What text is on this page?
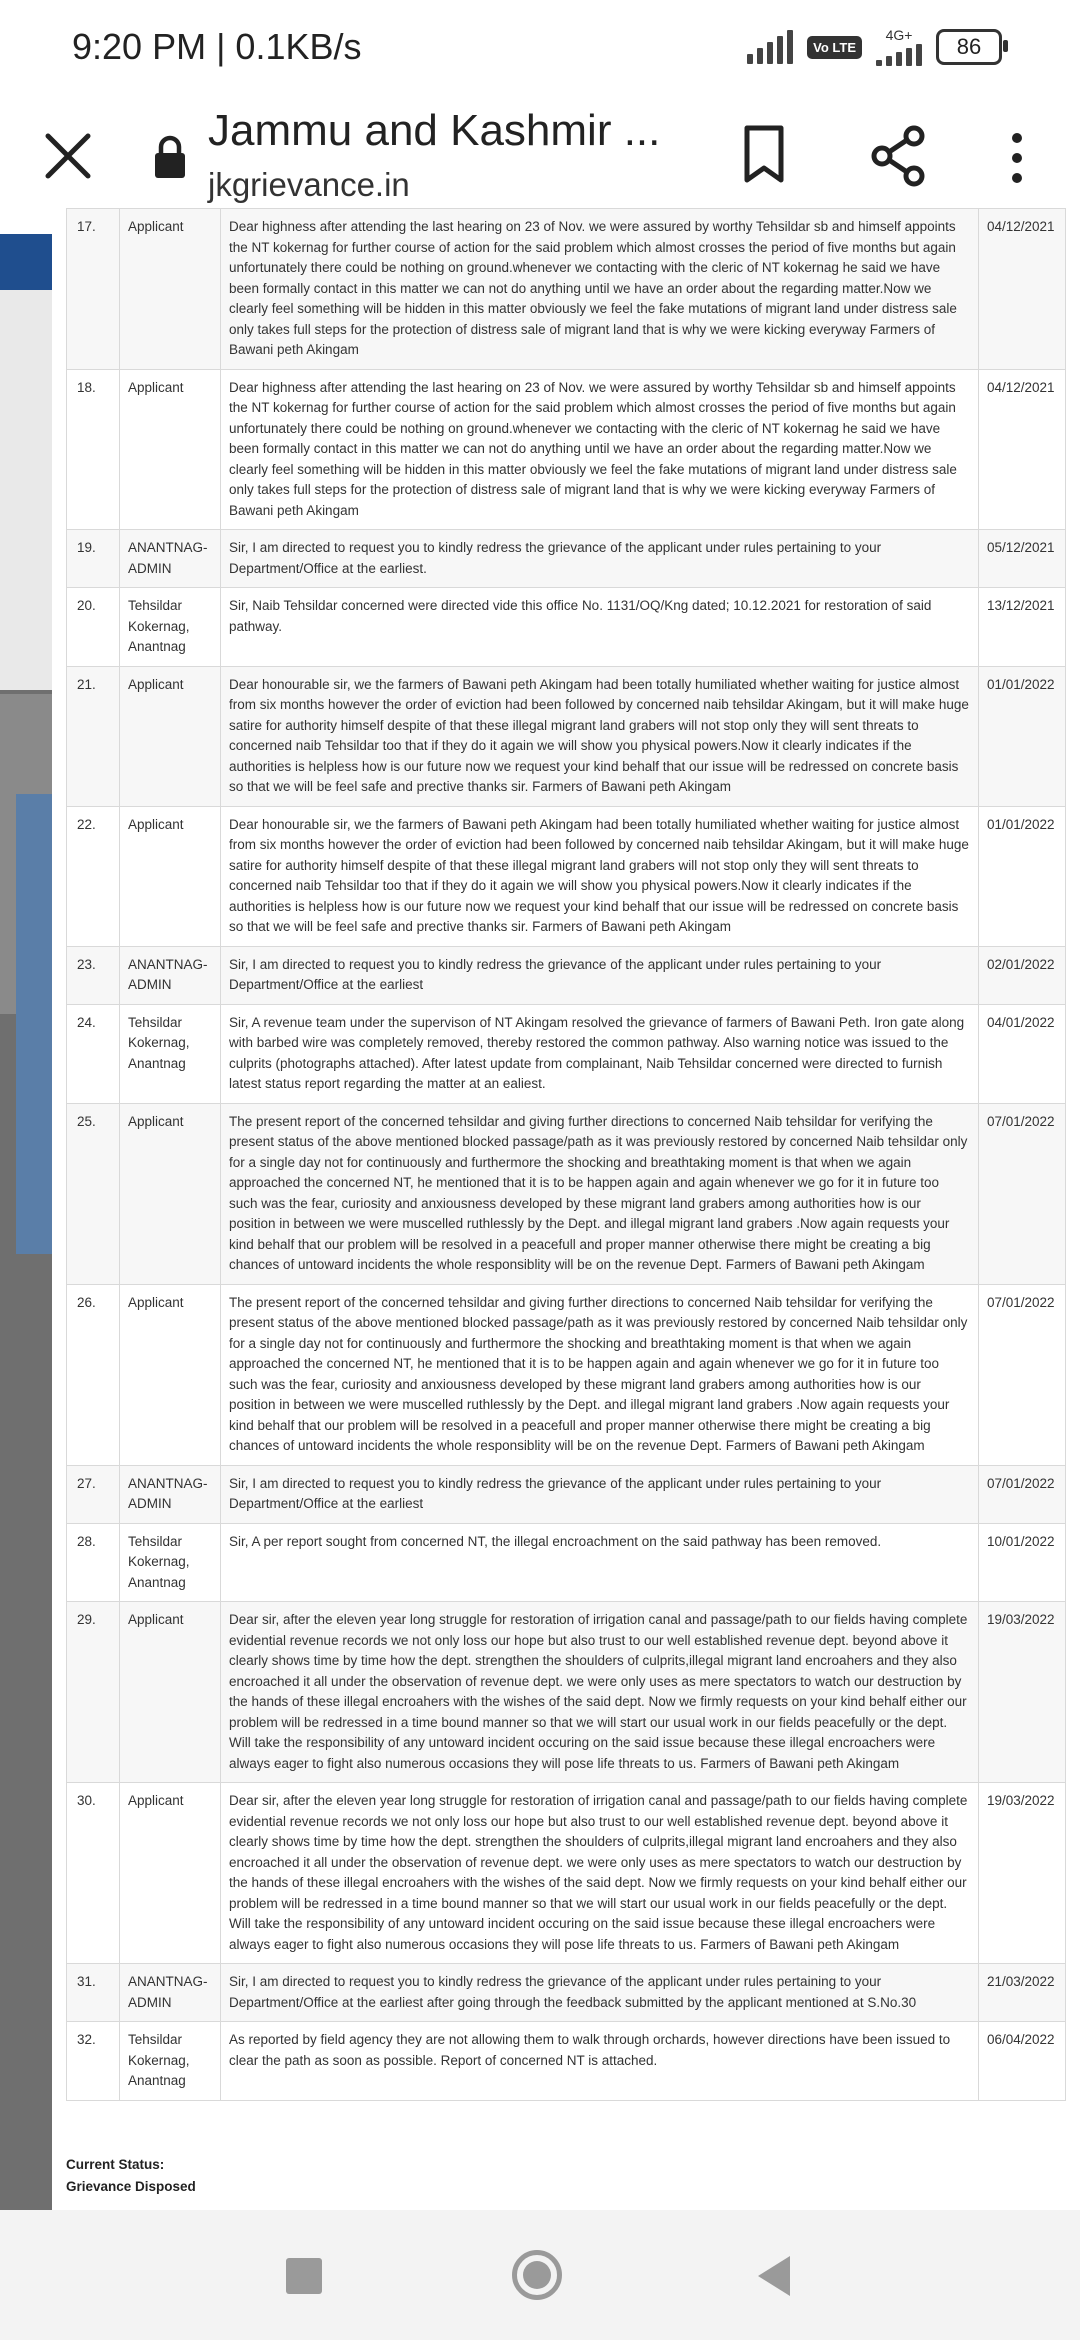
9:20 PM | 0.1KB/s	Vo LTE
4G+	86
Jammu and Kashmir ...
jkgrievance.in
17.	Applicant	Dear highness after attending the last hearing on 23 of Nov. we were assured by worthy Tehsildar sb and himself appoints the NT kokernag for further course of action for the said problem which almost crosses the period of five months but again unfortunately there could be nothing on ground.whenever we contacting with the cleric of NT kokernag he said we have been formally contact in this matter we can not do anything until we have an order about the regarding matter.Now we clearly feel something will be hidden in this matter obviously we feel the fake mutations of migrant land under distress sale only takes full steps for the protection of distress sale of migrant land that is why we were kicking everyway Farmers of Bawani peth Akingam	04/12/2021
18.	Applicant	Dear highness after attending the last hearing on 23 of Nov. we were assured by worthy Tehsildar sb and himself appoints the NT kokernag for further course of action for the said problem which almost crosses the period of five months but again unfortunately there could be nothing on ground.whenever we contacting with the cleric of NT kokernag he said we have been formally contact in this matter we can not do anything until we have an order about the regarding matter.Now we clearly feel something will be hidden in this matter obviously we feel the fake mutations of migrant land under distress sale only takes full steps for the protection of distress sale of migrant land that is why we were kicking everyway Farmers of Bawani peth Akingam	04/12/2021
19.	ANANTNAG-ADMIN	Sir, I am directed to request you to kindly redress the grievance of the applicant under rules pertaining to your Department/Office at the earliest.	05/12/2021
20.	Tehsildar Kokernag, Anantnag	Sir, Naib Tehsildar concerned were directed vide this office No. 1131/OQ/Kng dated; 10.12.2021 for restoration of said pathway.	13/12/2021
21.	Applicant	Dear honourable sir, we the farmers of Bawani peth Akingam had been totally humiliated whether waiting for justice almost from six months however the order of eviction had been followed by concerned naib tehsildar Akingam, but it will make huge satire for authority himself despite of that these illegal migrant land grabers will not stop only they will sent threats to concerned naib Tehsildar too that if they do it again we will show you physical powers.Now it clearly indicates if the authorities is helpless how is our future now we request your kind behalf that our issue will be redressed on concrete basis so that we will be feel safe and prective thanks sir. Farmers of Bawani peth Akingam	01/01/2022
22.	Applicant	Dear honourable sir, we the farmers of Bawani peth Akingam had been totally humiliated whether waiting for justice almost from six months however the order of eviction had been followed by concerned naib tehsildar Akingam, but it will make huge satire for authority himself despite of that these illegal migrant land grabers will not stop only they will sent threats to concerned naib Tehsildar too that if they do it again we will show you physical powers.Now it clearly indicates if the authorities is helpless how is our future now we request your kind behalf that our issue will be redressed on concrete basis so that we will be feel safe and prective thanks sir. Farmers of Bawani peth Akingam	01/01/2022
23.	ANANTNAG-ADMIN	Sir, I am directed to request you to kindly redress the grievance of the applicant under rules pertaining to your Department/Office at the earliest	02/01/2022
24.	Tehsildar Kokernag, Anantnag	Sir, A revenue team under the supervison of NT Akingam resolved the grievance of farmers of Bawani Peth. Iron gate along with barbed wire was completely removed, thereby restored the common pathway. Also warning notice was issued to the culprits (photographs attached). After latest update from complainant, Naib Tehsildar concerned were directed to furnish latest status report regarding the matter at an ealiest.	04/01/2022
25.	Applicant	The present report of the concerned tehsildar and giving further directions to concerned Naib tehsildar for verifying the present status of the above mentioned blocked passage/path as it was previously restored by concerned Naib tehsildar only for a single day not for continuously and furthermore the shocking and breathtaking moment is that when we again approached the concerned NT, he mentioned that it is to be happen again and again whenever we go for it in future too such was the fear, curiosity and anxiousness developed by these migrant land grabers among authorities how is our position in between we were muscelled ruthlessly by the Dept. and illegal migrant land grabers .Now again requests your kind behalf that our problem will be resolved in a peacefull and proper manner otherwise there might be creating a big chances of untoward incidents the whole responsiblity will be on the revenue Dept. Farmers of Bawani peth Akingam	07/01/2022
26.	Applicant	The present report of the concerned tehsildar and giving further directions to concerned Naib tehsildar for verifying the present status of the above mentioned blocked passage/path as it was previously restored by concerned Naib tehsildar only for a single day not for continuously and furthermore the shocking and breathtaking moment is that when we again approached the concerned NT, he mentioned that it is to be happen again and again whenever we go for it in future too such was the fear, curiosity and anxiousness developed by these migrant land grabers among authorities how is our position in between we were muscelled ruthlessly by the Dept. and illegal migrant land grabers .Now again requests your kind behalf that our problem will be resolved in a peacefull and proper manner otherwise there might be creating a big chances of untoward incidents the whole responsiblity will be on the revenue Dept. Farmers of Bawani peth Akingam	07/01/2022
27.	ANANTNAG-ADMIN	Sir, I am directed to request you to kindly redress the grievance of the applicant under rules pertaining to your Department/Office at the earliest	07/01/2022
28.	Tehsildar Kokernag, Anantnag	Sir, A per report sought from concerned NT, the illegal encroachment on the said pathway has been removed.	10/01/2022
29.	Applicant	Dear sir, after the eleven year long struggle for restoration of irrigation canal and passage/path to our fields having complete evidential revenue records we not only loss our hope but also trust to our well established revenue dept. beyond above it clearly shows time by time how the dept. strengthen the shoulders of culprits,illegal migrant land encroahers and they also encroached it all under the observation of revenue dept. we were only uses as mere spectators to watch our destruction by the hands of these illegal encroahers with the wishes of the said dept. Now we firmly requests on your kind behalf either our problem will be redressed in a time bound manner so that we will start our usual work in our fields peacefully or the dept. Will take the responsibility of any untoward incident occuring on the said issue because these illegal encroachers were always eager to fight also numerous occasions they will pose life threats to us. Farmers of Bawani peth Akingam	19/03/2022
30.	Applicant	Dear sir, after the eleven year long struggle for restoration of irrigation canal and passage/path to our fields having complete evidential revenue records we not only loss our hope but also trust to our well established revenue dept. beyond above it clearly shows time by time how the dept. strengthen the shoulders of culprits,illegal migrant land encroahers and they also encroached it all under the observation of revenue dept. we were only uses as mere spectators to watch our destruction by the hands of these illegal encroahers with the wishes of the said dept. Now we firmly requests on your kind behalf either our problem will be redressed in a time bound manner so that we will start our usual work in our fields peacefully or the dept. Will take the responsibility of any untoward incident occuring on the said issue because these illegal encroachers were always eager to fight also numerous occasions they will pose life threats to us. Farmers of Bawani peth Akingam	19/03/2022
31.	ANANTNAG-ADMIN	Sir, I am directed to request you to kindly redress the grievance of the applicant under rules pertaining to your Department/Office at the earliest after going through the feedback submitted by the applicant mentioned at S.No.30	21/03/2022
32.	Tehsildar Kokernag, Anantnag	As reported by field agency they are not allowing them to walk through orchards, however directions have been issued to clear the path as soon as possible. Report of concerned NT is attached.	06/04/2022
Current Status:
Grievance Disposed
